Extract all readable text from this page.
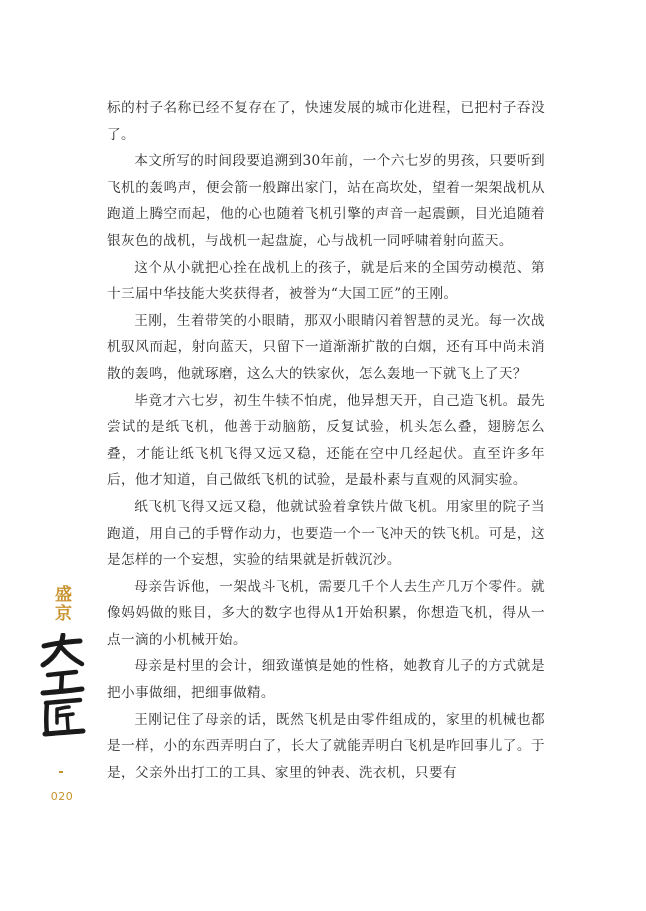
标的村子名称已经不复存在了，快速发展的城市化进程，已把村子吞没了。

本文所写的时间段要追溯到30年前，一个六七岁的男孩，只要听到飞机的轰鸣声，便会箭一般蹿出家门，站在高坎处，望着一架架战机从跑道上腾空而起，他的心也随着飞机引擎的声音一起震颤，目光追随着银灰色的战机，与战机一起盘旋，心与战机一同呼啸着射向蓝天。

这个从小就把心拴在战机上的孩子，就是后来的全国劳动模范、第十三届中华技能大奖获得者，被誉为“大国工匠”的王刚。

王刚，生着带笑的小眼睛，那双小眼睛闪着智慧的灵光。每一次战机驭风而起，射向蓝天，只留下一道渐渐扩散的白烟，还有耳中尚未消散的轰鸣，他就琢磨，这么大的铁家伙，怎么轰地一下就飞上了天？

毕竟才六七岁，初生牛犊不怕虎，他异想天开，自己造飞机。最先尝试的是纸飞机，他善于动脑筋，反复试验，机头怎么叠，翅膀怎么叠，才能让纸飞机飞得又远又稳，还能在空中几经起伏。直至许多年后，他才知道，自己做纸飞机的试验，是最朴素与直观的风洞实验。

纸飞机飞得又远又稳，他就试验着拿铁片做飞机。用家里的院子当跑道，用自己的手臂作动力，也要造一个一飞冲天的铁飞机。可是，这是怎样的一个妄想，实验的结果就是折戟沉沙。

母亲告诉他，一架战斗飞机，需要几千个人去生产几万个零件。就像妈妈做的账目，多大的数字也得从1开始积累，你想造飞机，得从一点一滴的小机械开始。

母亲是村里的会计，细致谨慎是她的性格，她教育儿子的方式就是把小事做细，把细事做精。

王刚记住了母亲的话，既然飞机是由零件组成的，家里的机械也都是一样，小的东西弄明白了，长大了就能弄明白飞机是咋回事儿了。于是，父亲外出打工的工具、家里的钟表、洗衣机，只要有

盛京
020
